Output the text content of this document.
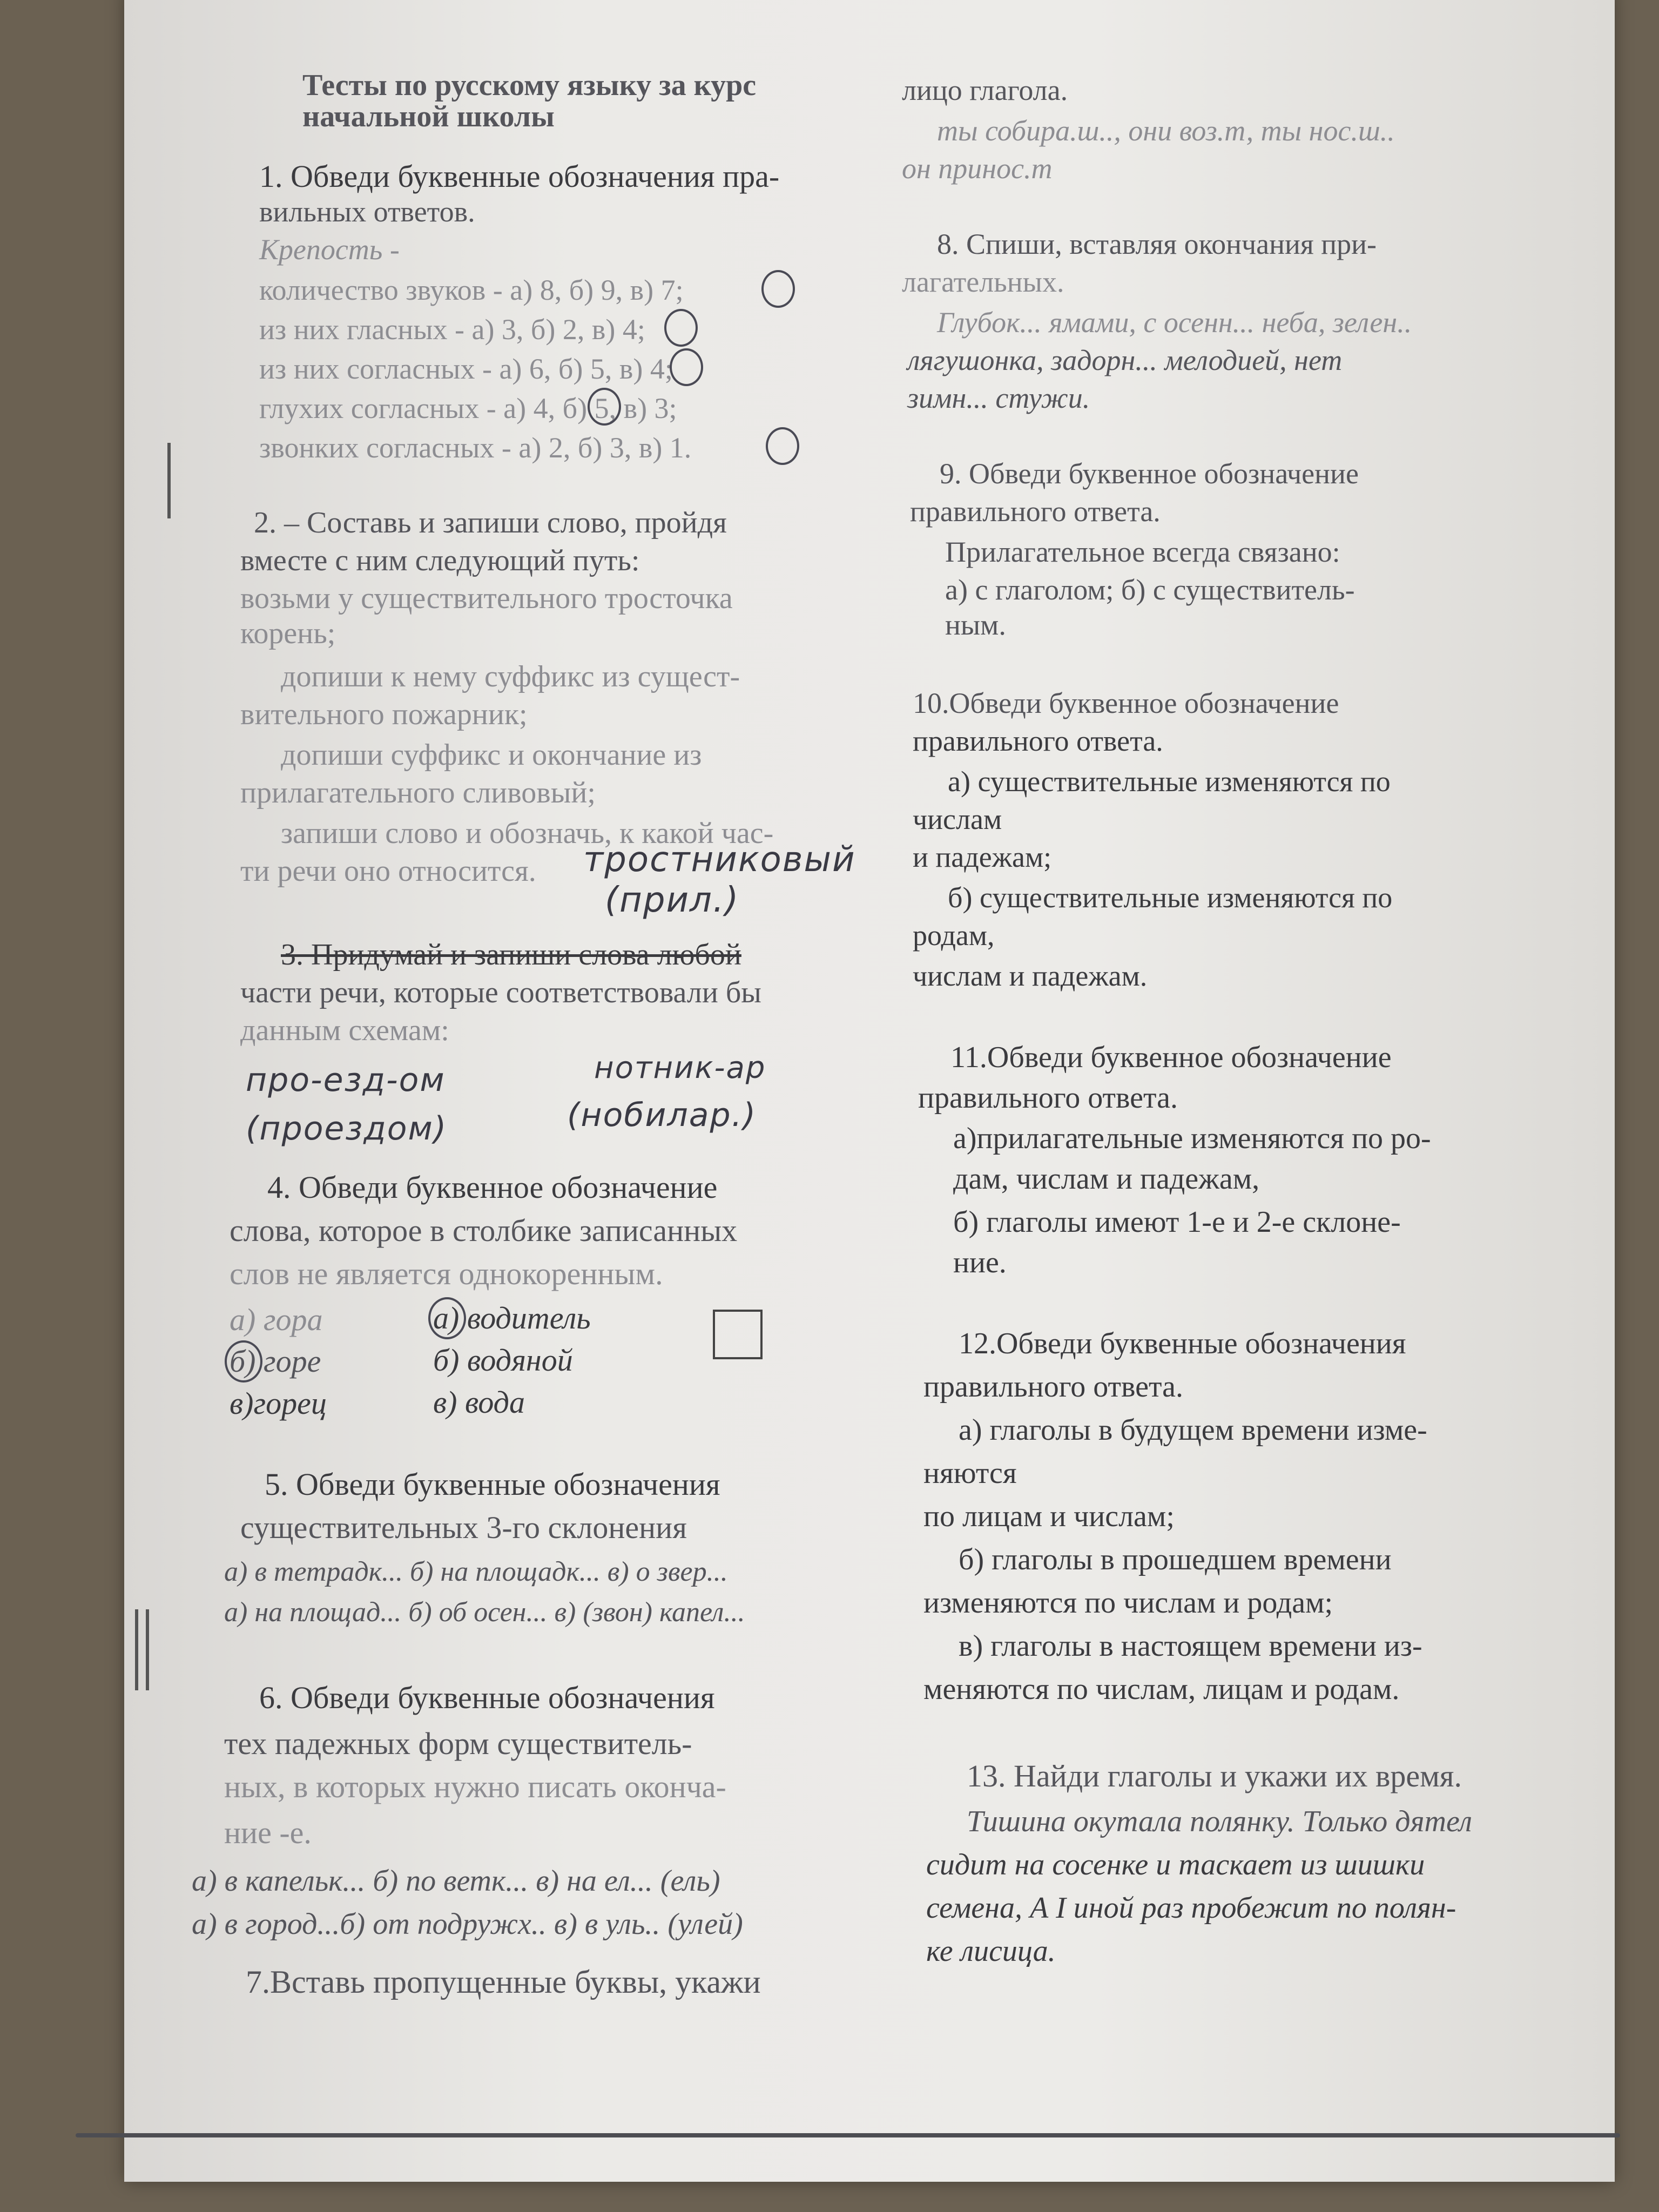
Тесты по русскому языку за курс
начальной школы
1. Обведи буквенные обозначения пра-
вильных ответов.
Крепость -
количество звуков - а) 8, б) 9, в) 7;
из них гласных - а) 3, б) 2, в) 4;
из них согласных - а) 6, б) 5, в) 4;
глухих согласных - а) 4, б) 5, в) 3;
звонких согласных - а) 2, б) 3, в) 1.
2. – Составь и запиши слово, пройдя
вместе с ним следующий путь:
возьми у существительного тросточка
корень;
допиши к нему суффикс из сущест-
вительного пожарник;
допиши суффикс и окончание из
прилагательного сливовый;
запиши слово и обозначь, к какой час-
ти речи оно относится. тростниковый
(прил.)
3. Придумай и запиши слова любой
части речи, которые соответствовали бы
данным схемам:
про-езд-ом
(проездом)
нотник-ар
(нобилар.)
4. Обведи буквенное обозначение
слова, которое в столбике записанных
слов не является однокоренным.
а) гора
б) горе
в)горец
а) водитель
б) водяной
в) вода
5. Обведи буквенные обозначения
существительных 3-го склонения
а) в тетрадк... б) на площадк... в) о звер...
а) на площад... б) об осен... в) (звон) капел...
6. Обведи буквенные обозначения
тех падежных форм существитель-
ных, в которых нужно писать оконча-
ние -е.
а) в капельк... б) по ветк... в) на ел... (ель)
а) в город...б) от подружх.. в) в уль.. (улей)
7.Вставь пропущенные буквы, укажи
лицо глагола.
ты собира.ш.., они воз.т, ты нос.ш..
он принос.т
8. Спиши, вставляя окончания при-
лагательных.
Глубок... ямами, с осенн... неба, зелен..
лягушонка, задорн... мелодией, нет
зимн... стужи.
9. Обведи буквенное обозначение
правильного ответа.
Прилагательное всегда связано:
а) с глаголом; б) с существитель-
ным.
10.Обведи буквенное обозначение
правильного ответа.
а) существительные изменяются по
числам
и падежам;
б) существительные изменяются по
родам,
числам и падежам.
11.Обведи буквенное обозначение
правильного ответа.
а)прилагательные изменяются по ро-
дам, числам и падежам,
б) глаголы имеют 1-е и 2-е склоне-
ние.
12.Обведи буквенные обозначения
правильного ответа.
а) глаголы в будущем времени изме-
няются
по лицам и числам;
б) глаголы в прошедшем времени
изменяются по числам и родам;
в) глаголы в настоящем времени из-
меняются по числам, лицам и родам.
13. Найди глаголы и укажи их время.
Тишина окутала полянку. Только дятел
сидит на сосенке и таскает из шишки
семена, А I иной раз пробежит по полян-
ке лисица.
